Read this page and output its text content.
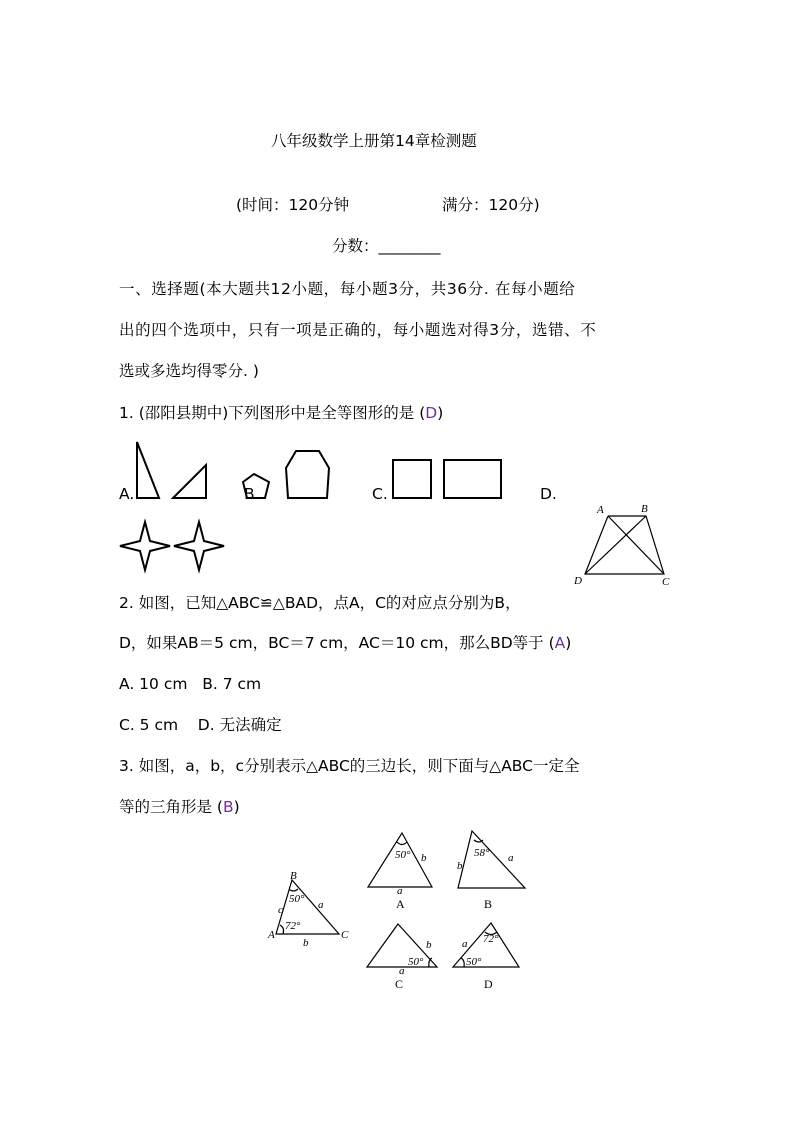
八年级数学上册第14章检测题
(时间：120分钟	满分：120分)
分数：________
一、选择题(本大题共12小题，每小题3分，共36分. 在每小题给
出的四个选项中，只有一项是正确的，每小题选对得3分，选错、不
选或多选均得零分. )
1. (邵阳县期中)下列图形中是全等图形的是 (D)
A.	B.	C.	D.
A	B
C
D
2. 如图，已知△ABC≌△BAD，点A，C的对应点分别为B，
D，如果AB＝5 cm，BC＝7 cm，AC＝10 cm，那么BD等于 (A)
A. 10 cm   B. 7 cm
C. 5 cm    D. 无法确定
3. 如图，a，b，c分别表示△ABC的三边长，则下面与△ABC一定全
等的三角形是 (B)
B
A	C
a
b
c
50°
72°
50° b
a
A
58°
b
a
B
50°
b
a
C
72°
50°
a
D
